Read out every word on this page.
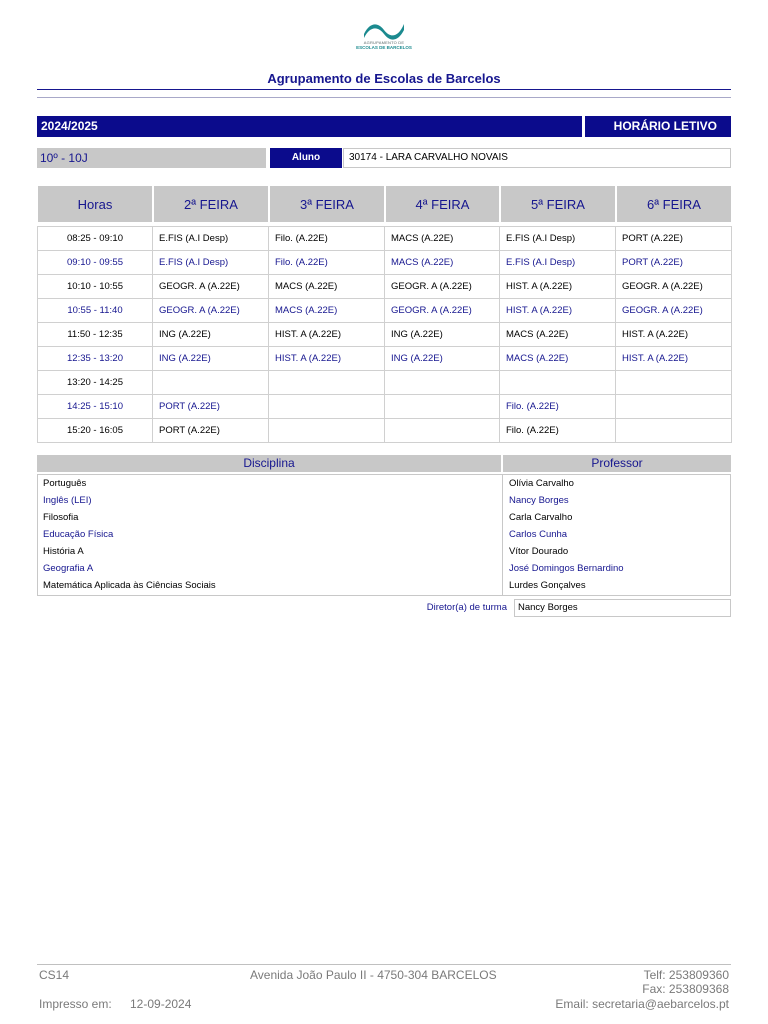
AGRUPAMENTO DE
ESCOLAS DE BARCELOS
Agrupamento de Escolas de Barcelos
2024/2025	HORÁRIO LETIVO
10º - 10J	Aluno	30174 - LARA CARVALHO NOVAIS
Horas	2ª FEIRA	3ª FEIRA	4ª FEIRA	5ª FEIRA	6ª FEIRA

08:25 - 09:10	E.FIS (A.I Desp)	Filo. (A.22E)	MACS (A.22E)	E.FIS (A.I Desp)	PORT (A.22E)
09:10 - 09:55	E.FIS (A.I Desp)	Filo. (A.22E)	MACS (A.22E)	E.FIS (A.I Desp)	PORT (A.22E)
10:10 - 10:55	GEOGR. A (A.22E)	MACS (A.22E)	GEOGR. A (A.22E)	HIST. A (A.22E)	GEOGR. A (A.22E)
10:55 - 11:40	GEOGR. A (A.22E)	MACS (A.22E)	GEOGR. A (A.22E)	HIST. A (A.22E)	GEOGR. A (A.22E)
11:50 - 12:35	ING (A.22E)	HIST. A (A.22E)	ING (A.22E)	MACS (A.22E)	HIST. A (A.22E)
12:35 - 13:20	ING (A.22E)	HIST. A (A.22E)	ING (A.22E)	MACS (A.22E)	HIST. A (A.22E)
13:20 - 14:25					
14:25 - 15:10	PORT (A.22E)			Filo. (A.22E)	
15:20 - 16:05	PORT (A.22E)			Filo. (A.22E)	
Disciplina	Professor
Português	Olívia Carvalho
Inglês (LEI)	Nancy Borges
Filosofia	Carla Carvalho
Educação Física	Carlos Cunha
História A	Vítor Dourado
Geografia A	José Domingos Bernardino
Matemática Aplicada às Ciências Sociais	Lurdes Gonçalves
Diretor(a) de turma	Nancy Borges
CS14	Avenida João Paulo II - 4750-304 BARCELOS	Telf: 253809360
Fax: 253809368
Impresso em: 12-09-2024	Email: secretaria@aebarcelos.pt
